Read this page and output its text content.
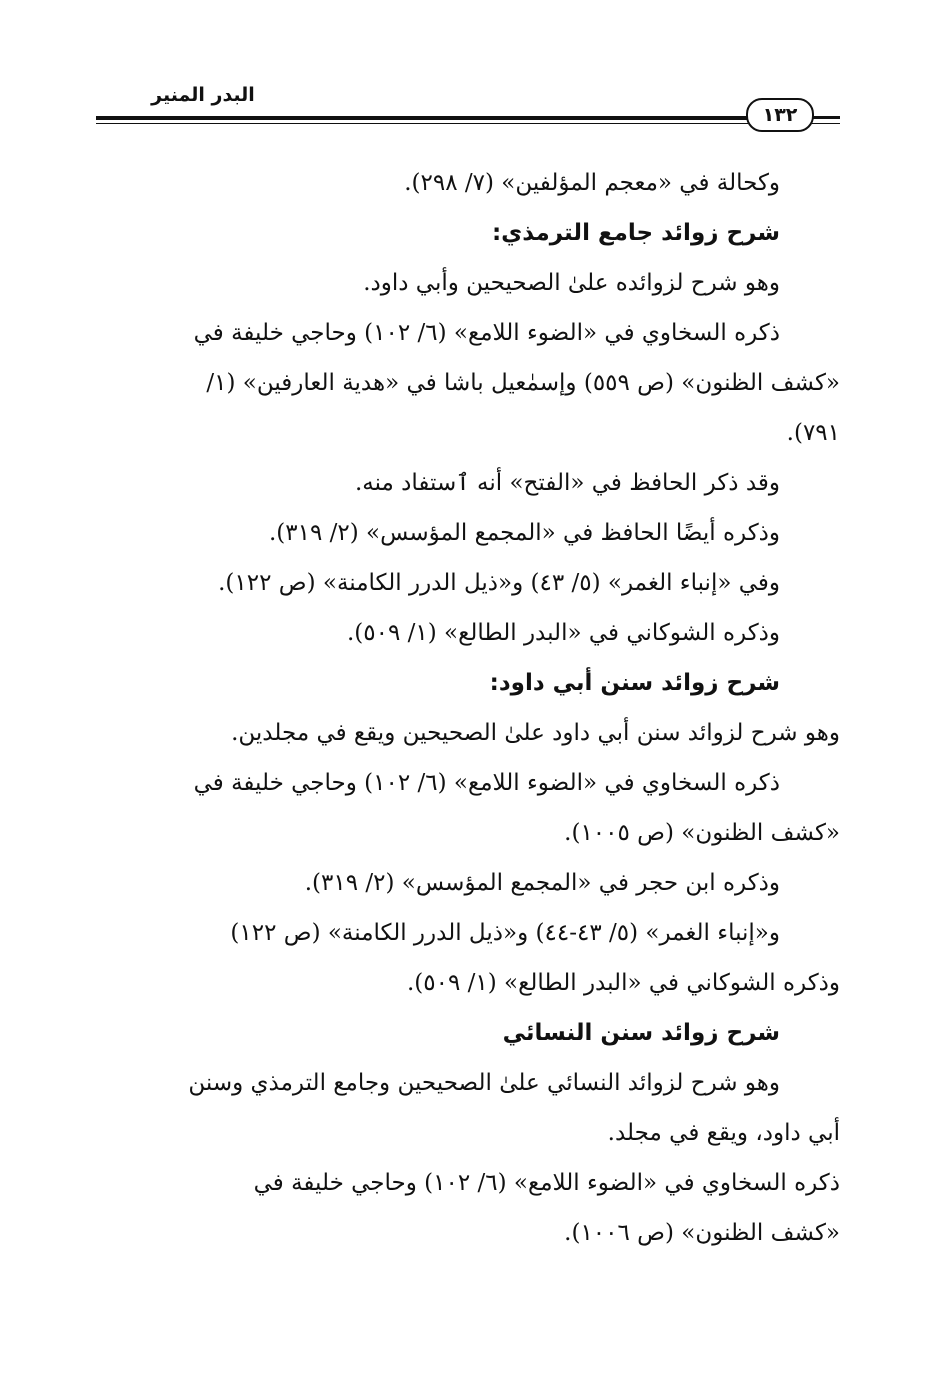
البدر المنير
١٣٢
وكحالة في «معجم المؤلفين» (٧/ ٢٩٨).
شرح زوائد جامع الترمذي:
وهو شرح لزوائده علىٰ الصحيحين وأبي داود.
ذكره السخاوي في «الضوء اللامع» (٦/ ١٠٢) وحاجي خليفة في
«كشف الظنون» (ص ٥٥٩) وإسمٰعيل باشا في «هدية العارفين» (١/
٧٩١).
وقد ذكر الحافظ في «الفتح» أنه ٱستفاد منه.
وذكره أيضًا الحافظ في «المجمع المؤسس» (٢/ ٣١٩).
وفي «إنباء الغمر» (٥/ ٤٣) و«ذيل الدرر الكامنة» (ص ١٢٢).
وذكره الشوكاني في «البدر الطالع» (١/ ٥٠٩).
شرح زوائد سنن أبي داود:
وهو شرح لزوائد سنن أبي داود علىٰ الصحيحين ويقع في مجلدين.
ذكره السخاوي في «الضوء اللامع» (٦/ ١٠٢) وحاجي خليفة في
«كشف الظنون» (ص ١٠٠٥).
وذكره ابن حجر في «المجمع المؤسس» (٢/ ٣١٩).
و«إنباء الغمر» (٥/ ٤٣-٤٤) و«ذيل الدرر الكامنة» (ص ١٢٢)
وذكره الشوكاني في «البدر الطالع» (١/ ٥٠٩).
شرح زوائد سنن النسائي
وهو شرح لزوائد النسائي علىٰ الصحيحين وجامع الترمذي وسنن
أبي داود، ويقع في مجلد.
ذكره السخاوي في «الضوء اللامع» (٦/ ١٠٢) وحاجي خليفة في
«كشف الظنون» (ص ١٠٠٦).
